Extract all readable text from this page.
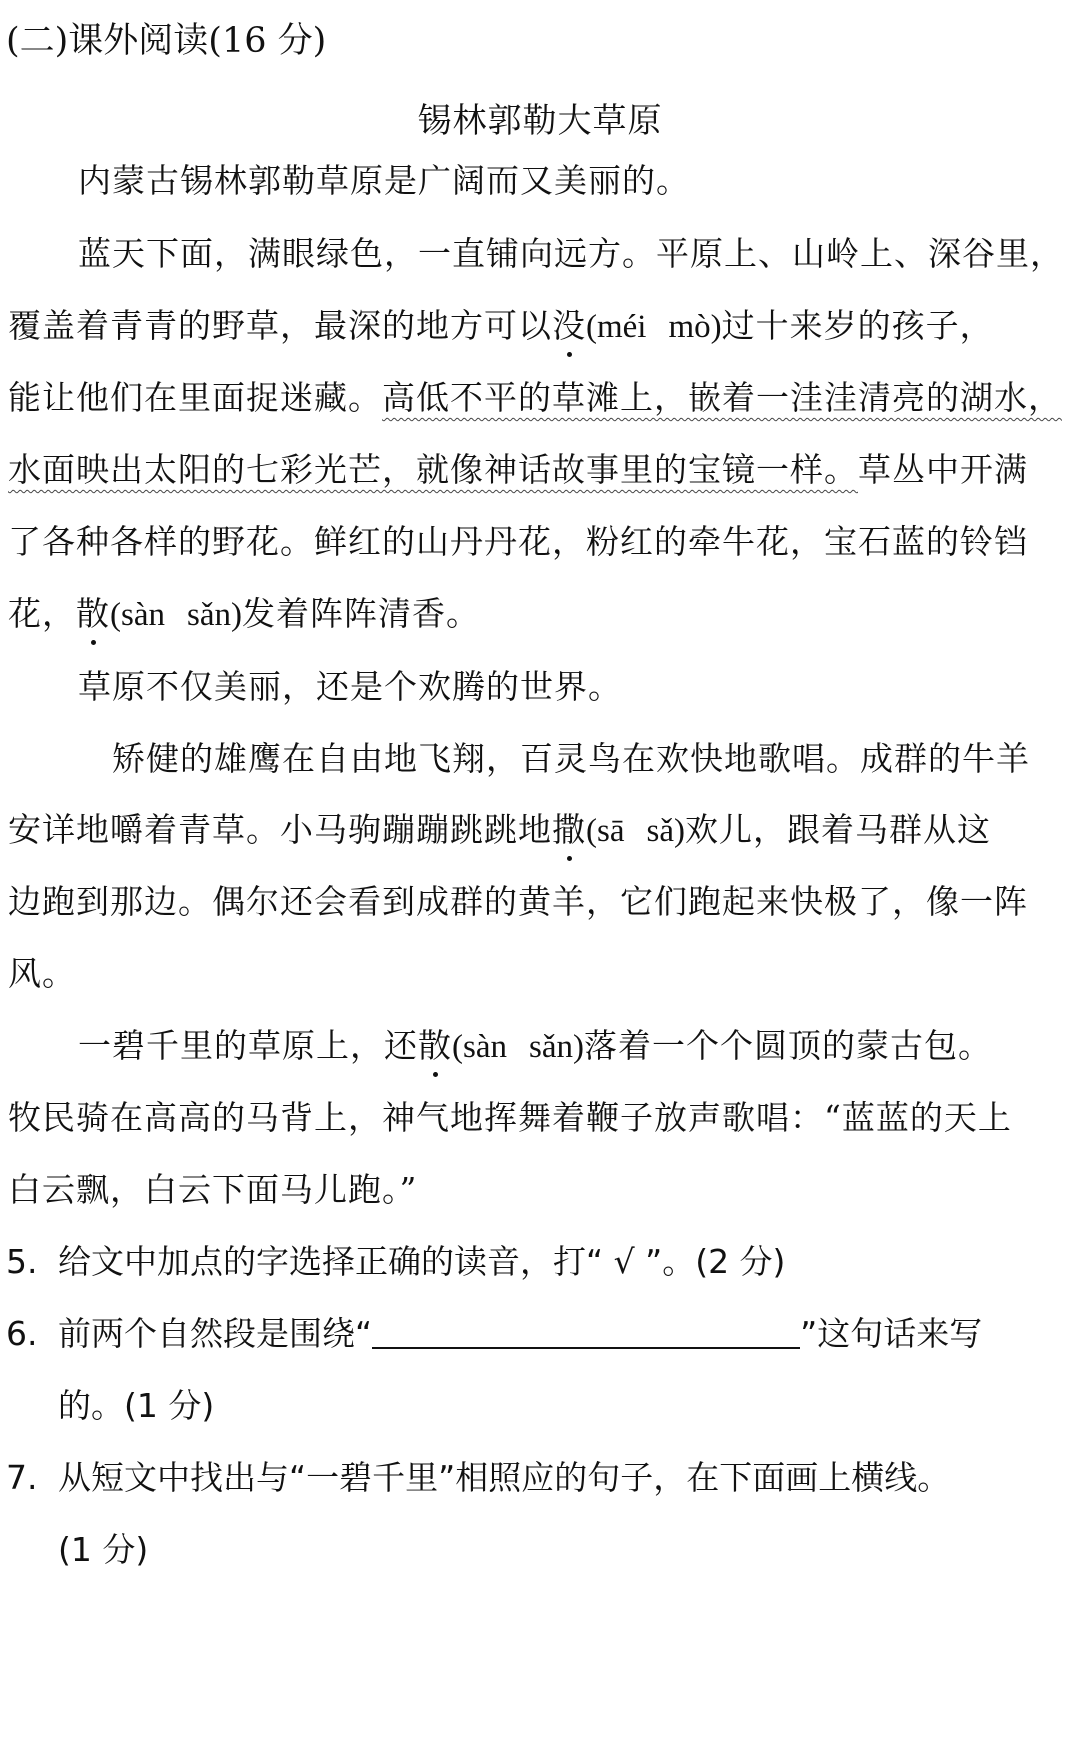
(二)课外阅读(16 分)
锡林郭勒大草原
内蒙古锡林郭勒草原是广阔而又美丽的。
蓝天下面，满眼绿色，一直铺向远方。平原上、山岭上、深谷里，
覆盖着青青的野草，最深的地方可以没(méi mò)过十来岁的孩子，
能让他们在里面捉迷藏。高低不平的草滩上，嵌着一洼洼清亮的湖水，
水面映出太阳的七彩光芒，就像神话故事里的宝镜一样。草丛中开满
了各种各样的野花。鲜红的山丹丹花，粉红的牵牛花，宝石蓝的铃铛
花，散(sàn sǎn)发着阵阵清香。
草原不仅美丽，还是个欢腾的世界。
矫健的雄鹰在自由地飞翔，百灵鸟在欢快地歌唱。成群的牛羊
安详地嚼着青草。小马驹蹦蹦跳跳地撒(sā sǎ)欢儿，跟着马群从这
边跑到那边。偶尔还会看到成群的黄羊，它们跑起来快极了，像一阵
风。
一碧千里的草原上，还散(sàn sǎn)落着一个个圆顶的蒙古包。
牧民骑在高高的马背上，神气地挥舞着鞭子放声歌唱：“蓝蓝的天上
白云飘，白云下面马儿跑。”
5. 给文中加点的字选择正确的读音，打“ √ ”。(2 分)
6. 前两个自然段是围绕“	”这句话来写
的。(1 分)
7. 从短文中找出与“一碧千里”相照应的句子，在下面画上横线。
(1 分)
